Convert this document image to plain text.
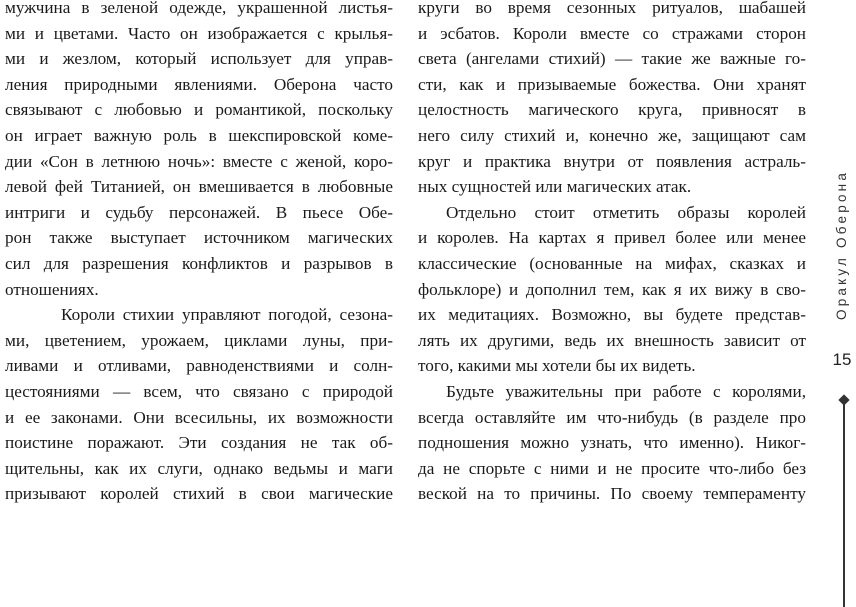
мужчина в зеленой одежде, украшенной листья-
ми и цветами. Часто он изображается с крылья-
ми и жезлом, который использует для управ-
ления природными явлениями. Оберона часто
связывают с любовью и романтикой, поскольку
он играет важную роль в шекспировской коме-
дии «Сон в летнюю ночь»: вместе с женой, коро-
левой фей Титанией, он вмешивается в любовные
интриги и судьбу персонажей. В пьесе Обе-
рон также выступает источником магических
сил для разрешения конфликтов и разрывов в
отношениях.

Короли стихии управляют погодой, сезона-
ми, цветением, урожаем, циклами луны, при-
ливами и отливами, равноденствиями и солн-
цестояниями — всем, что связано с природой
и ее законами. Они всесильны, их возможности
поистине поражают. Эти создания не так об-
щительны, как их слуги, однако ведьмы и маги
призывают королей стихий в свои магические

круги во время сезонных ритуалов, шабашей
и эсбатов. Короли вместе со стражами сторон
света (ангелами стихий) — такие же важные го-
сти, как и призываемые божества. Они хранят
целостность магического круга, привносят в
него силу стихий и, конечно же, защищают сам
круг и практика внутри от появления астраль-
ных сущностей или магических атак.

Отдельно стоит отметить образы королей
и королев. На картах я привел более или менее
классические (основанные на мифах, сказках и
фольклоре) и дополнил тем, как я их вижу в сво-
их медитациях. Возможно, вы будете представ-
лять их другими, ведь их внешность зависит от
того, какими мы хотели бы их видеть.

Будьте уважительны при работе с королями,
всегда оставляйте им что-нибудь (в разделе про
подношения можно узнать, что именно). Никог-
да не спорьте с ними и не просите что-либо без
веской на то причины. По своему темпераменту

Оракул Оберона
15
